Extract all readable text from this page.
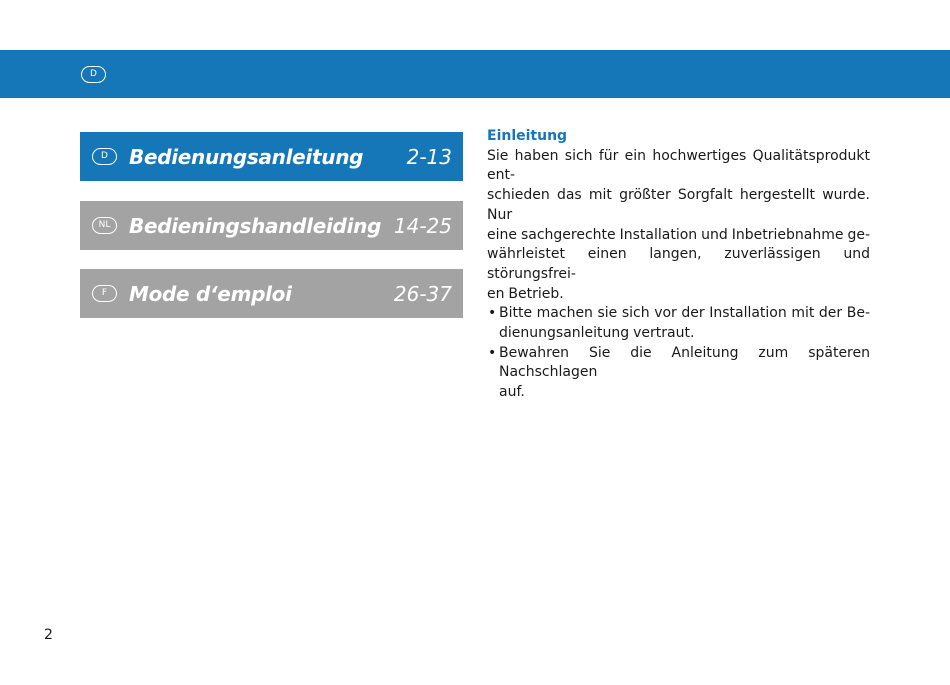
D
D	Bedienungsanleitung 2-13
NL Bedieningshandleiding 14-25
F	Mode d‘emploi	26-37
Einleitung

Sie haben sich für ein hochwertiges Qualitätsprodukt ent-
schieden das mit größter Sorgfalt hergestellt wurde. Nur
eine sachgerechte Installation und Inbetriebnahme ge-
währleistet einen langen, zuverlässigen und störungsfrei-
en Betrieb.

• Bitte machen sie sich vor der Installation mit der Be-
dienungsanleitung vertraut.
• Bewahren Sie die Anleitung zum späteren Nachschlagen
auf.
2
